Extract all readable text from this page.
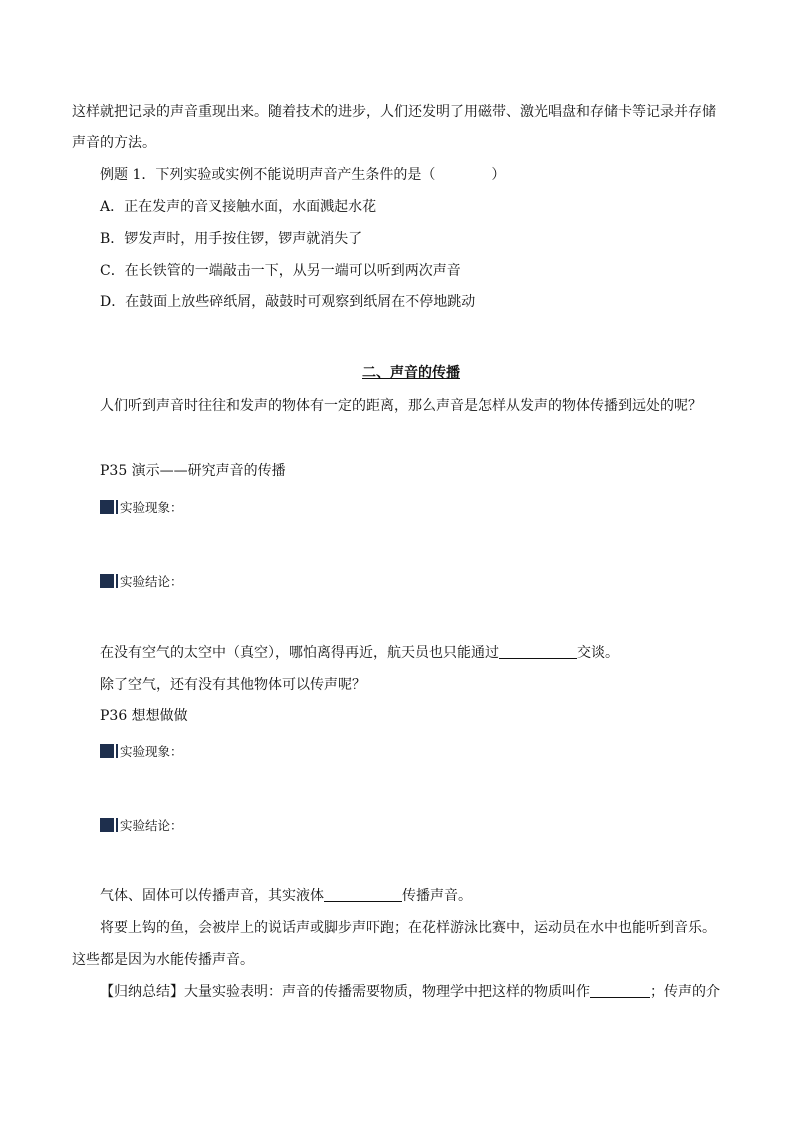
这样就把记录的声音重现出来。随着技术的进步，人们还发明了用磁带、激光唱盘和存储卡等记录并存储
声音的方法。
例题 1．下列实验或实例不能说明声音产生条件的是（　　　　）
A．正在发声的音叉接触水面，水面溅起水花
B．锣发声时，用手按住锣，锣声就消失了
C．在长铁管的一端敲击一下，从另一端可以听到两次声音
D．在鼓面上放些碎纸屑，敲鼓时可观察到纸屑在不停地跳动
二、声音的传播
人们听到声音时往往和发声的物体有一定的距离，那么声音是怎样从发声的物体传播到远处的呢？
P35 演示——研究声音的传播
实验现象：
实验结论：
在没有空气的太空中（真空），哪怕离得再近，航天员也只能通过	交谈。
除了空气，还有没有其他物体可以传声呢？
P36 想想做做
实验现象：
实验结论：
气体、固体可以传播声音，其实液体	传播声音。
将要上钩的鱼，会被岸上的说话声或脚步声吓跑；在花样游泳比赛中，运动员在水中也能听到音乐。
这些都是因为水能传播声音。
【归纳总结】大量实验表明：声音的传播需要物质，物理学中把这样的物质叫作	；传声的介
